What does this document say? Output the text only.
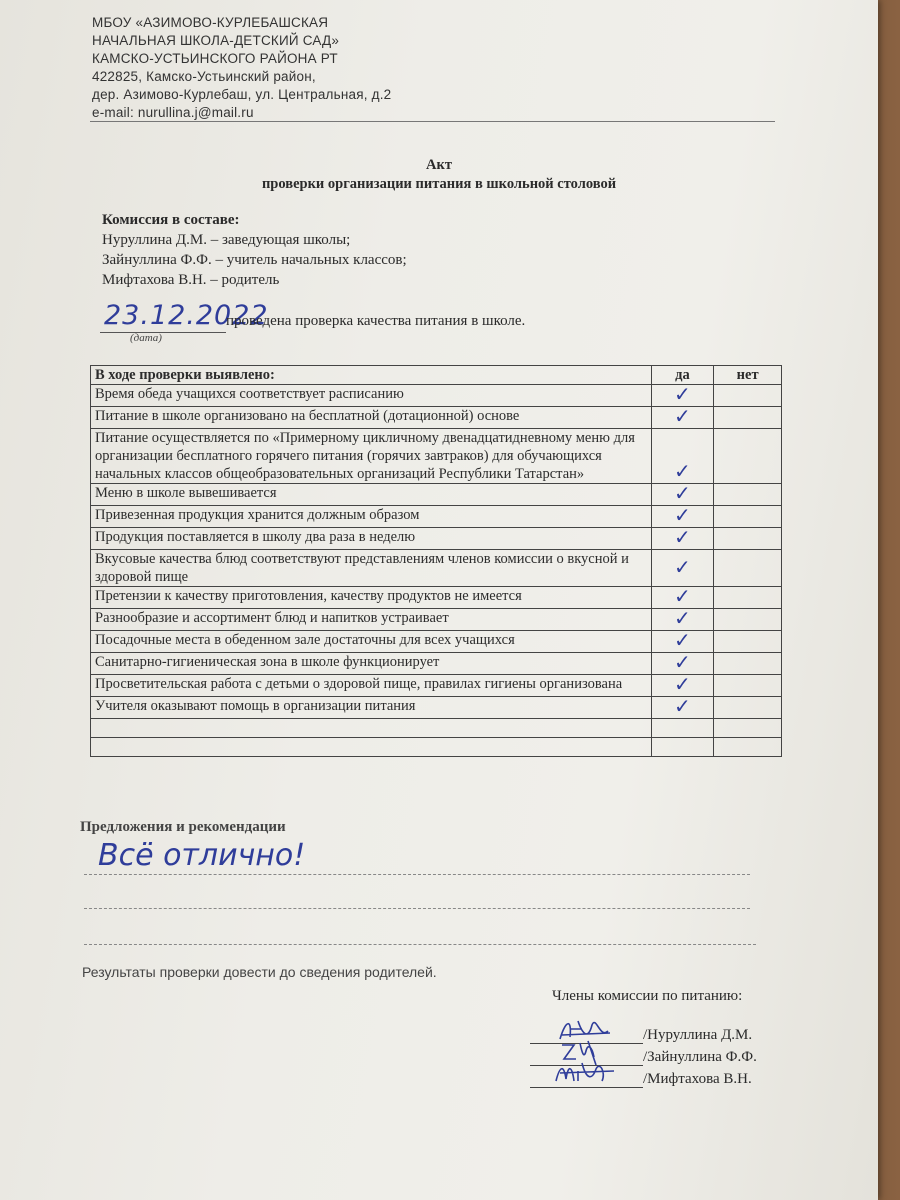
МБОУ «АЗИМОВО-КУРЛЕБАШСКАЯ
НАЧАЛЬНАЯ ШКОЛА-ДЕТСКИЙ САД»
КАМСКО-УСТЬИНСКОГО РАЙОНА РТ
422825, Камско-Устьинский район,
дер. Азимово-Курлебаш, ул. Центральная, д.2
e-mail: nurullina.j@mail.ru
Акт
проверки организации питания в школьной столовой
Комиссия в составе:
Нуруллина Д.М. – заведующая школы;
Зайнуллина Ф.Ф. – учитель начальных классов;
Мифтахова В.Н. – родитель
23.12.2022
проведена проверка качества питания в школе.
(дата)
В ходе проверки выявлено:	да	нет
Время обеда учащихся соответствует расписанию	✓	
Питание в школе организовано на бесплатной (дотационной) основе	✓	
Питание осуществляется по «Примерному цикличному двенадцатидневному меню для организации бесплатного горячего питания (горячих завтраков) для обучающихся начальных классов общеобразовательных организаций Республики Татарстан»	✓	
Меню в школе вывешивается	✓	
Привезенная продукция хранится должным образом	✓	
Продукция поставляется в школу два раза в неделю	✓	
Вкусовые качества блюд соответствуют представлениям членов комиссии о вкусной и здоровой пище	✓	
Претензии к качеству приготовления, качеству продуктов не имеется	✓	
Разнообразие и ассортимент блюд и напитков устраивает	✓	
Посадочные места в обеденном зале достаточны для всех учащихся	✓	
Санитарно-гигиеническая зона в школе функционирует	✓	
Просветительская работа с детьми о здоровой пище, правилах гигиены организована	✓	
Учителя оказывают помощь в организации питания	✓	

Предложения и рекомендации
Всё отлично!
Результаты проверки довести до сведения родителей.
Члены комиссии по питанию:
/Нуруллина Д.М.
/Зайнуллина Ф.Ф.
/Мифтахова В.Н.
